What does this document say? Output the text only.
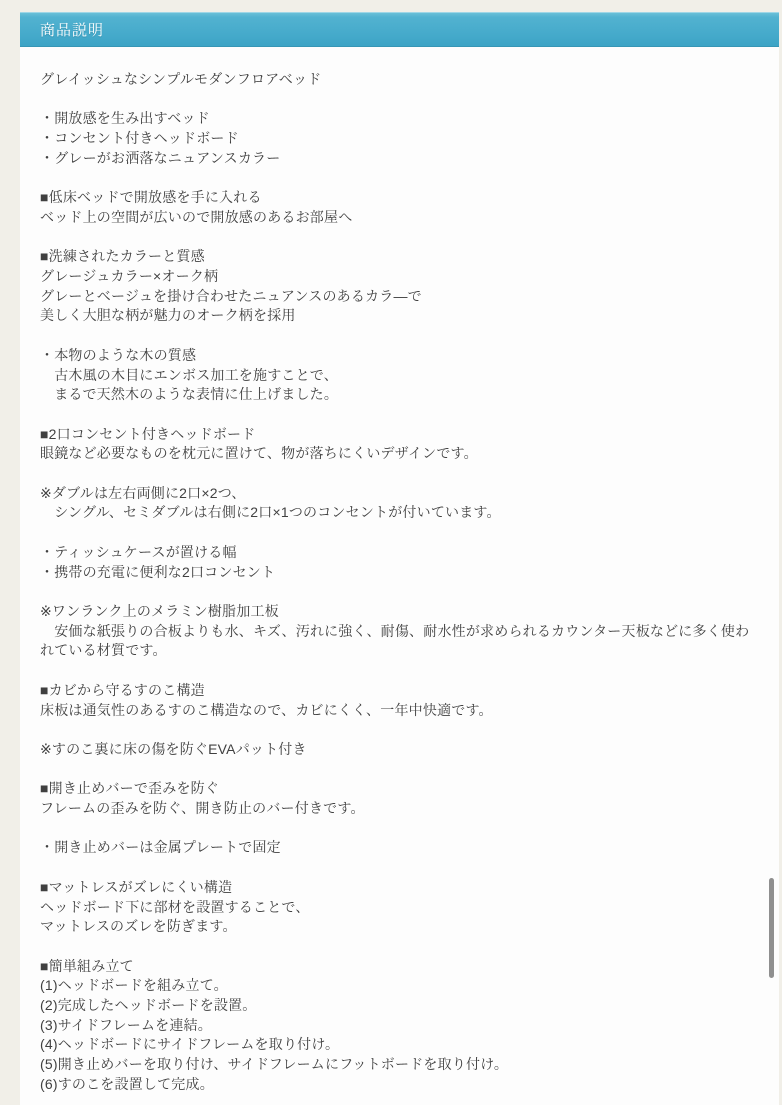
商品説明
グレイッシュなシンプルモダンフロアベッド

・開放感を生み出すベッド
・コンセント付きヘッドボード
・グレーがお洒落なニュアンスカラー

■低床ベッドで開放感を手に入れる
ベッド上の空間が広いので開放感のあるお部屋へ

■洗練されたカラーと質感
グレージュカラー×オーク柄
グレーとベージュを掛け合わせたニュアンスのあるカラ―で
美しく大胆な柄が魅力のオーク柄を採用

・本物のような木の質感
　古木風の木目にエンボス加工を施すことで、
　まるで天然木のような表情に仕上げました。

■2口コンセント付きヘッドボード
眼鏡など必要なものを枕元に置けて、物が落ちにくいデザインです。

※ダブルは左右両側に2口×2つ、
　シングル、セミダブルは右側に2口×1つのコンセントが付いています。

・ティッシュケースが置ける幅
・携帯の充電に便利な2口コンセント

※ワンランク上のメラミン樹脂加工板
　安価な紙張りの合板よりも水、キズ、汚れに強く、耐傷、耐水性が求められるカウンター天板などに多く使われている材質です。

■カビから守るすのこ構造
床板は通気性のあるすのこ構造なので、カビにくく、一年中快適です。

※すのこ裏に床の傷を防ぐEVAパット付き

■開き止めバーで歪みを防ぐ
フレームの歪みを防ぐ、開き防止のバー付きです。

・開き止めバーは金属プレートで固定

■マットレスがズレにくい構造
ヘッドボード下に部材を設置することで、
マットレスのズレを防ぎます。

■簡単組み立て
(1)ヘッドボードを組み立て。
(2)完成したヘッドボードを設置。
(3)サイドフレームを連結。
(4)ヘッドボードにサイドフレームを取り付け。
(5)開き止めバーを取り付け、サイドフレームにフットボードを取り付け。
(6)すのこを設置して完成。
